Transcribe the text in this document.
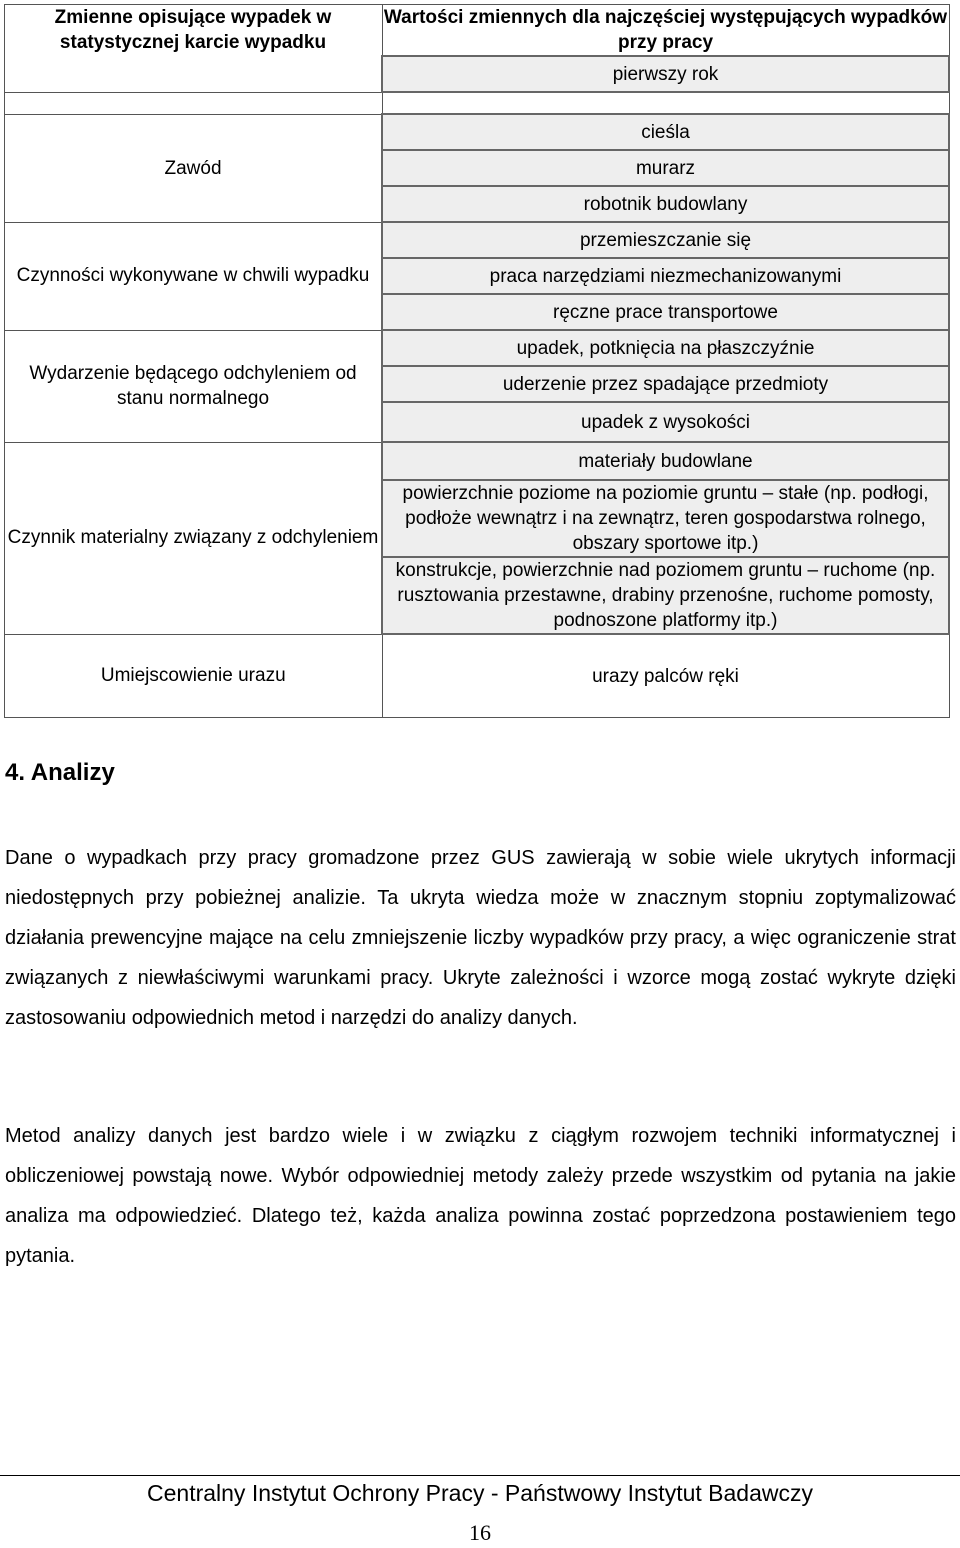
Zmienne opisujące wypadek w statystycznej karcie wypadku	Wartości zmiennych dla najczęściej występujących wypadków przy pracy
	pierwszy rok

Zawód	cieśla
	murarz
	robotnik budowlany
Czynności wykonywane w chwili wypadku	przemieszczanie się
	praca narzędziami niezmechanizowanymi
	ręczne prace transportowe
Wydarzenie będącego odchyleniem od stanu normalnego	upadek, potknięcia na płaszczyźnie
	uderzenie przez spadające przedmioty
	upadek z wysokości
Czynnik materialny związany z odchyleniem	materiały budowlane
	powierzchnie poziome na poziomie gruntu – stałe (np. podłogi, podłoże wewnątrz i na zewnątrz, teren gospodarstwa rolnego, obszary sportowe itp.)
	konstrukcje, powierzchnie nad poziomem gruntu – ruchome (np. rusztowania przestawne, drabiny przenośne, ruchome pomosty, podnoszone platformy itp.)
Umiejscowienie urazu	urazy palców ręki
4. Analizy

Dane o wypadkach przy pracy gromadzone przez GUS zawierają w sobie wiele ukrytych informacji niedostępnych przy pobieżnej analizie. Ta ukryta wiedza może w znacznym stopniu zoptymalizować działania prewencyjne mające na celu zmniejszenie liczby wypadków przy pracy, a więc ograniczenie strat związanych z niewłaściwymi warunkami pracy. Ukryte zależności i wzorce mogą zostać wykryte dzięki zastosowaniu odpowiednich metod i narzędzi do analizy danych.

Metod analizy danych jest bardzo wiele i w związku z ciągłym rozwojem techniki informatycznej i obliczeniowej powstają nowe. Wybór odpowiedniej metody zależy przede wszystkim od pytania na jakie analiza ma odpowiedzieć. Dlatego też, każda analiza powinna zostać poprzedzona postawieniem tego pytania.

Centralny Instytut Ochrony Pracy - Państwowy Instytut Badawczy
16
